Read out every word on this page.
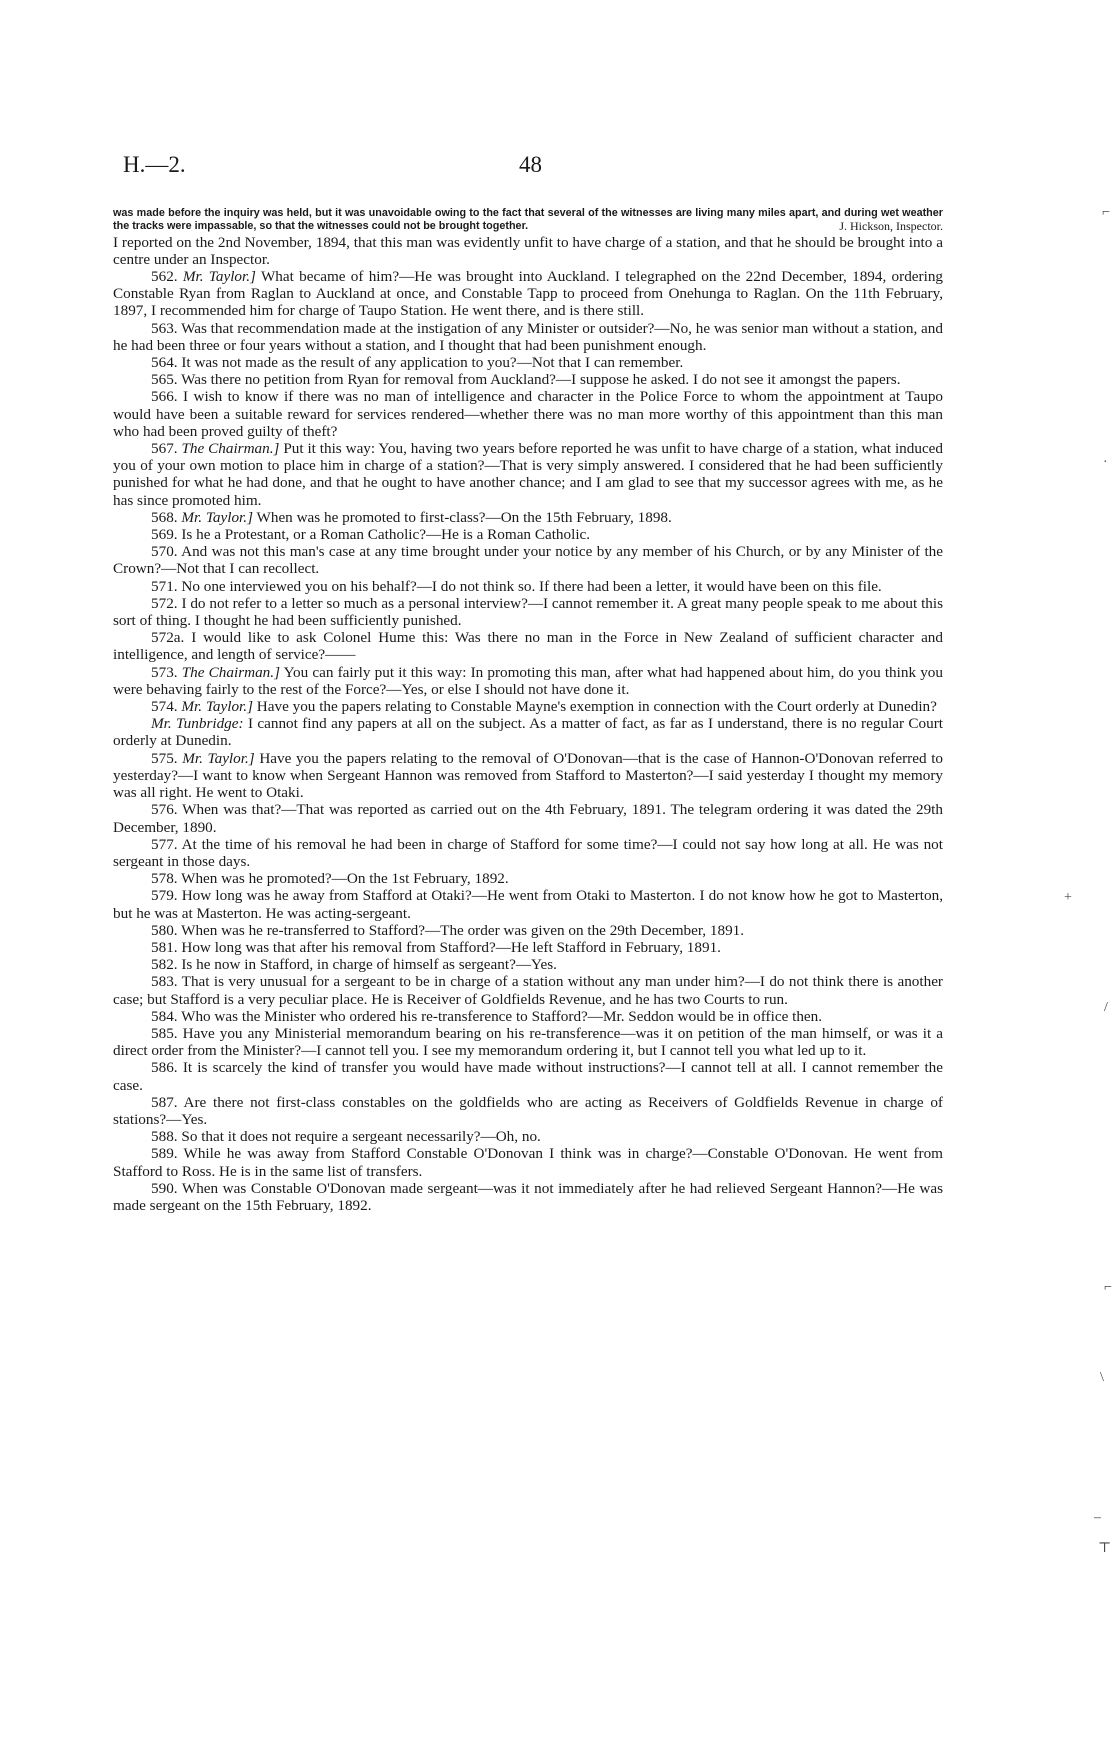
H.—2.	48
was made before the inquiry was held, but it was unavoidable owing to the fact that several of the witnesses are living many miles apart, and during wet weather the tracks were impassable, so that the witnesses could not be brought together.	J. Hickson, Inspector.

I reported on the 2nd November, 1894, that this man was evidently unfit to have charge of a station, and that he should be brought into a centre under an Inspector.

562. Mr. Taylor.] What became of him?—He was brought into Auckland. I telegraphed on the 22nd December, 1894, ordering Constable Ryan from Raglan to Auckland at once, and Constable Tapp to proceed from Onehunga to Raglan. On the 11th February, 1897, I recommended him for charge of Taupo Station. He went there, and is there still.

563. Was that recommendation made at the instigation of any Minister or outsider?—No, he was senior man without a station, and he had been three or four years without a station, and I thought that had been punishment enough.

564. It was not made as the result of any application to you?—Not that I can remember.

565. Was there no petition from Ryan for removal from Auckland?—I suppose he asked. I do not see it amongst the papers.

566. I wish to know if there was no man of intelligence and character in the Police Force to whom the appointment at Taupo would have been a suitable reward for services rendered—whether there was no man more worthy of this appointment than this man who had been proved guilty of theft?

567. The Chairman.] Put it this way: You, having two years before reported he was unfit to have charge of a station, what induced you of your own motion to place him in charge of a station?—That is very simply answered. I considered that he had been sufficiently punished for what he had done, and that he ought to have another chance; and I am glad to see that my successor agrees with me, as he has since promoted him.

568. Mr. Taylor.] When was he promoted to first-class?—On the 15th February, 1898.

569. Is he a Protestant, or a Roman Catholic?—He is a Roman Catholic.

570. And was not this man's case at any time brought under your notice by any member of his Church, or by any Minister of the Crown?—Not that I can recollect.

571. No one interviewed you on his behalf?—I do not think so. If there had been a letter, it would have been on this file.

572. I do not refer to a letter so much as a personal interview?—I cannot remember it. A great many people speak to me about this sort of thing. I thought he had been sufficiently punished.

572a. I would like to ask Colonel Hume this: Was there no man in the Force in New Zealand of sufficient character and intelligence, and length of service?——

573. The Chairman.] You can fairly put it this way: In promoting this man, after what had happened about him, do you think you were behaving fairly to the rest of the Force?—Yes, or else I should not have done it.

574. Mr. Taylor.] Have you the papers relating to Constable Mayne's exemption in connection with the Court orderly at Dunedin?

Mr. Tunbridge: I cannot find any papers at all on the subject. As a matter of fact, as far as I understand, there is no regular Court orderly at Dunedin.

575. Mr. Taylor.] Have you the papers relating to the removal of O'Donovan—that is the case of Hannon-O'Donovan referred to yesterday?—I want to know when Sergeant Hannon was removed from Stafford to Masterton?—I said yesterday I thought my memory was all right. He went to Otaki.

576. When was that?—That was reported as carried out on the 4th February, 1891. The telegram ordering it was dated the 29th December, 1890.

577. At the time of his removal he had been in charge of Stafford for some time?—I could not say how long at all. He was not sergeant in those days.

578. When was he promoted?—On the 1st February, 1892.

579. How long was he away from Stafford at Otaki?—He went from Otaki to Masterton. I do not know how he got to Masterton, but he was at Masterton. He was acting-sergeant.

580. When was he re-transferred to Stafford?—The order was given on the 29th December, 1891.

581. How long was that after his removal from Stafford?—He left Stafford in February, 1891.

582. Is he now in Stafford, in charge of himself as sergeant?—Yes.

583. That is very unusual for a sergeant to be in charge of a station without any man under him?—I do not think there is another case; but Stafford is a very peculiar place. He is Receiver of Goldfields Revenue, and he has two Courts to run.

584. Who was the Minister who ordered his re-transference to Stafford?—Mr. Seddon would be in office then.

585. Have you any Ministerial memorandum bearing on his re-transference—was it on petition of the man himself, or was it a direct order from the Minister?—I cannot tell you. I see my memorandum ordering it, but I cannot tell you what led up to it.

586. It is scarcely the kind of transfer you would have made without instructions?—I cannot tell at all. I cannot remember the case.

587. Are there not first-class constables on the goldfields who are acting as Receivers of Goldfields Revenue in charge of stations?—Yes.

588. So that it does not require a sergeant necessarily?—Oh, no.

589. While he was away from Stafford Constable O'Donovan I think was in charge?—Constable O'Donovan. He went from Stafford to Ross. He is in the same list of transfers.

590. When was Constable O'Donovan made sergeant—was it not immediately after he had relieved Sergeant Hannon?—He was made sergeant on the 15th February, 1892.

⌐
·
+
/
⌐
\
–
⊤
